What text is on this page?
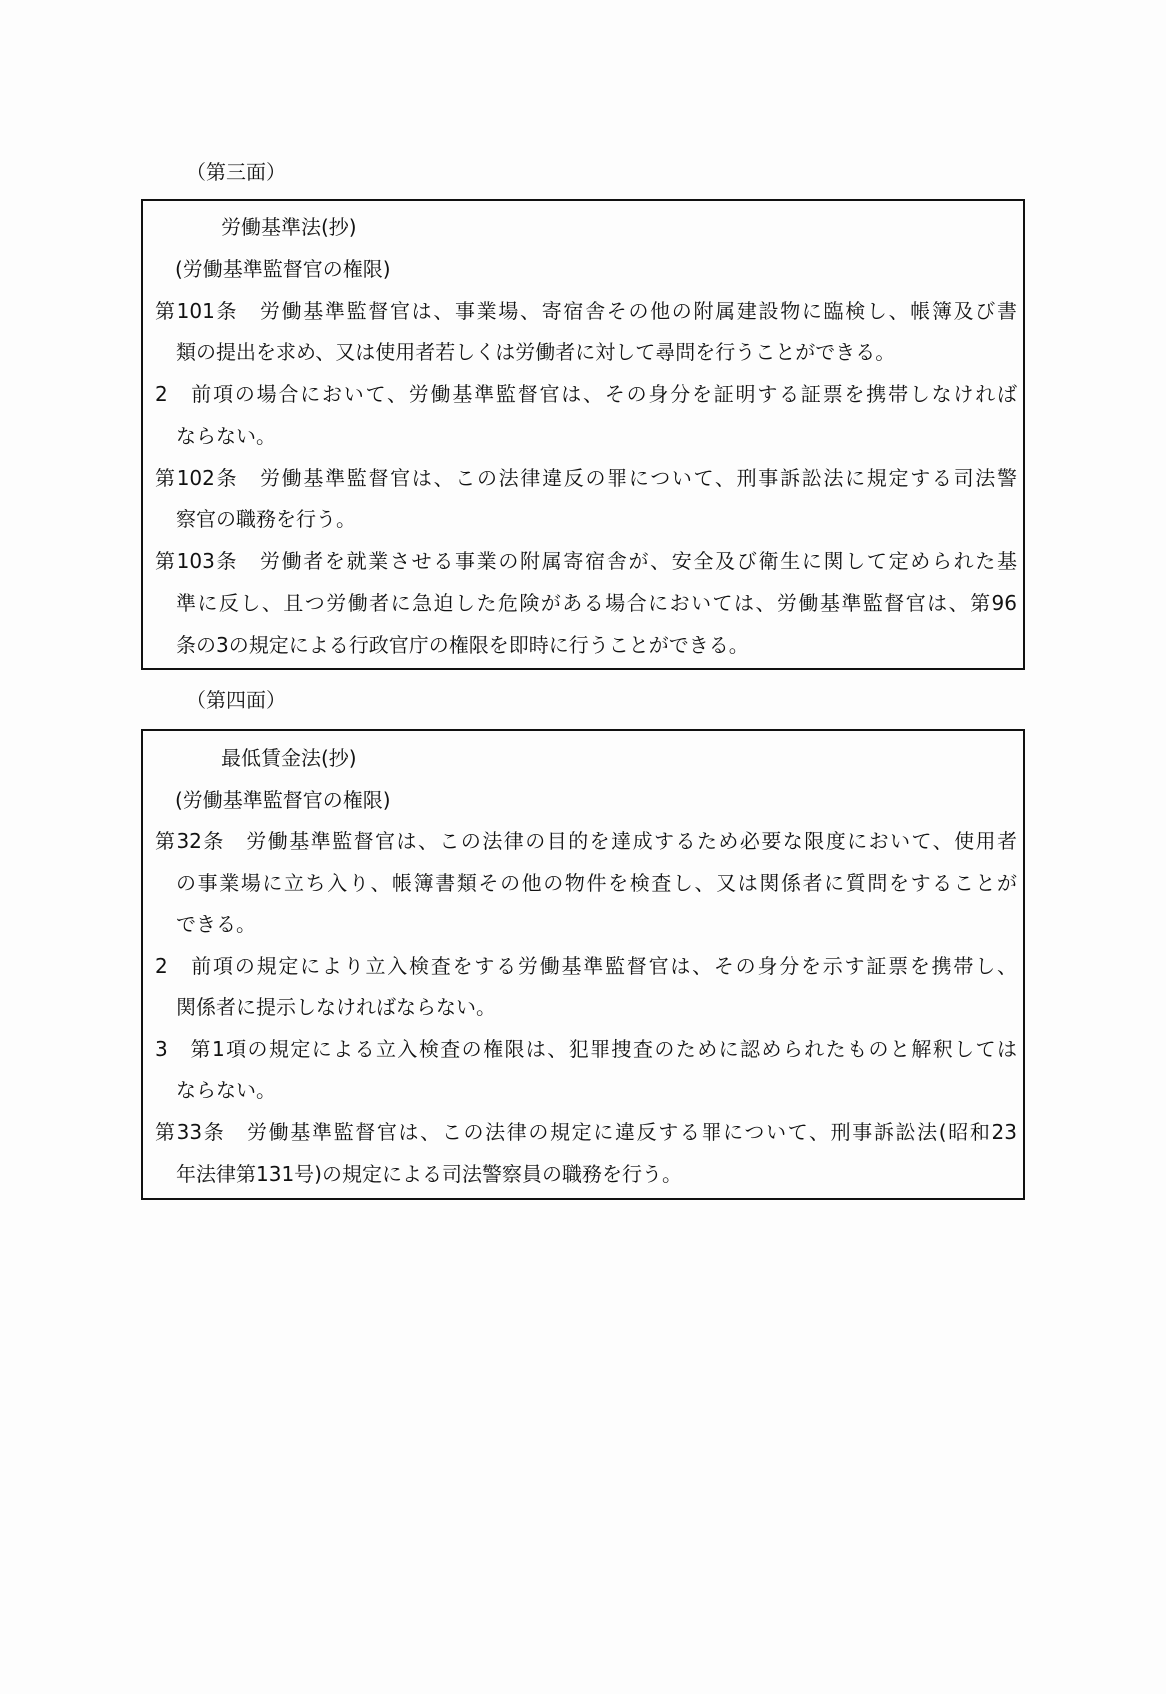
（第三面）
労働基準法(抄)
(労働基準監督官の権限)
第101条　労働基準監督官は、事業場、寄宿舎その他の附属建設物に臨検し、帳簿及び書
類の提出を求め、又は使用者若しくは労働者に対して尋問を行うことができる。
2　前項の場合において、労働基準監督官は、その身分を証明する証票を携帯しなければ
ならない。
第102条　労働基準監督官は、この法律違反の罪について、刑事訴訟法に規定する司法警
察官の職務を行う。
第103条　労働者を就業させる事業の附属寄宿舎が、安全及び衛生に関して定められた基
準に反し、且つ労働者に急迫した危険がある場合においては、労働基準監督官は、第96
条の3の規定による行政官庁の権限を即時に行うことができる。
（第四面）
最低賃金法(抄)
(労働基準監督官の権限)
第32条　労働基準監督官は、この法律の目的を達成するため必要な限度において、使用者
の事業場に立ち入り、帳簿書類その他の物件を検査し、又は関係者に質問をすることが
できる。
2　前項の規定により立入検査をする労働基準監督官は、その身分を示す証票を携帯し、
関係者に提示しなければならない。
3　第1項の規定による立入検査の権限は、犯罪捜査のために認められたものと解釈しては
ならない。
第33条　労働基準監督官は、この法律の規定に違反する罪について、刑事訴訟法(昭和23
年法律第131号)の規定による司法警察員の職務を行う。
